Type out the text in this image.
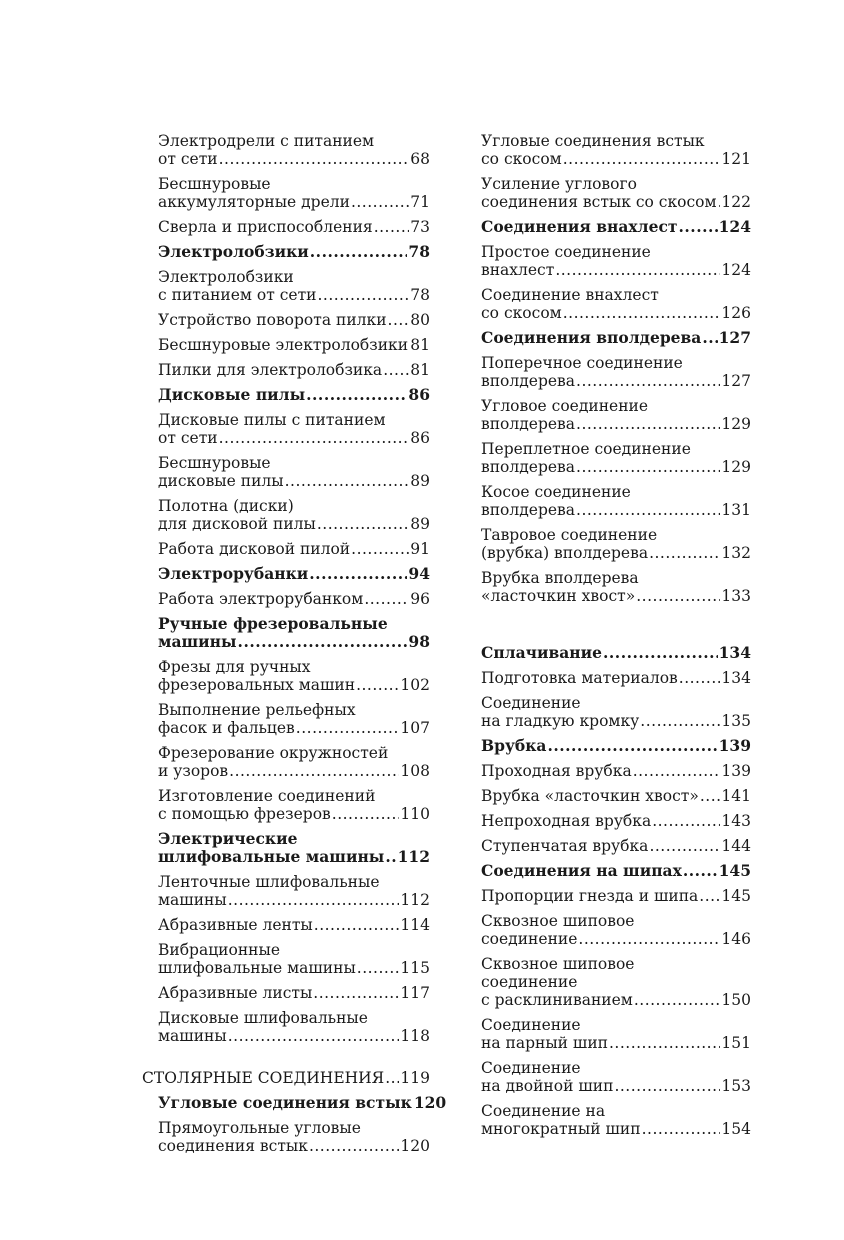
Электродрели с питанием
от сети .....	68
Бесшнуровые
аккумуляторные дрели .....	71
Сверла и приспособления ..... 73
Электролобзики .....	78
Электролобзики
с питанием от сети .....	78
Устройство поворота пилки ..... 80
Бесшнуровые электролобзики ..... 81
Пилки для электролобзика ..... 81
Дисковые пилы .....	86
Дисковые пилы с питанием
от сети .....	86
Бесшнуровые
дисковые пилы .....	89
Полотна (диски)
для дисковой пилы .....	89
Работа дисковой пилой .....	91
Электрорубанки .....	94
Работа электрорубанком .....	96
Ручные фрезеровальные
машины .....	98
Фрезы для ручных
фрезеровальных машин .....	102
Выполнение рельефных
фасок и фальцев .....	107
Фрезерование окружностей
и узоров .....	108
Изготовление соединений
с помощью фрезеров .....	110
Электрические
шлифовальные машины ..... 112
Ленточные шлифовальные
машины .....	112
Абразивные ленты .....	114
Вибрационные
шлифовальные машины .....	115
Абразивные листы .....	117
Дисковые шлифовальные
машины .....	118
СТОЛЯРНЫЕ СОЕДИНЕНИЯ ..... 119
Угловые соединения встык 120
Прямоугольные угловые
соединения встык .....	120
Угловые соединения встык
со скосом .....	121
Усиление углового
соединения встык со скосом ..... 122
Соединения внахлест .....	124
Простое соединение
внахлест .....	124
Соединение внахлест
со скосом .....	126
Соединения вполдерева ..... 127
Поперечное соединение
вполдерева .....	127
Угловое соединение
вполдерева .....	129
Переплетное соединение
вполдерева .....	129
Косое соединение
вполдерева .....	131
Тавровое соединение
(врубка) вполдерева .....	132
Врубка вполдерева
«ласточкин хвост» .....	133
Сплачивание .....	134
Подготовка материалов .....	134
Соединение
на гладкую кромку .....	135
Врубка .....	139
Проходная врубка .....	139
Врубка «ласточкин хвост» ..... 141
Непроходная врубка .....	143
Ступенчатая врубка .....	144
Соединения на шипах ..... 145
Пропорции гнезда и шипа ..... 145
Сквозное шиповое
соединение .....	146
Сквозное шиповое
соединение
с расклиниванием .....	150
Соединение
на парный шип .....	151
Соединение
на двойной шип .....	153
Соединение на
многократный шип .....	154
